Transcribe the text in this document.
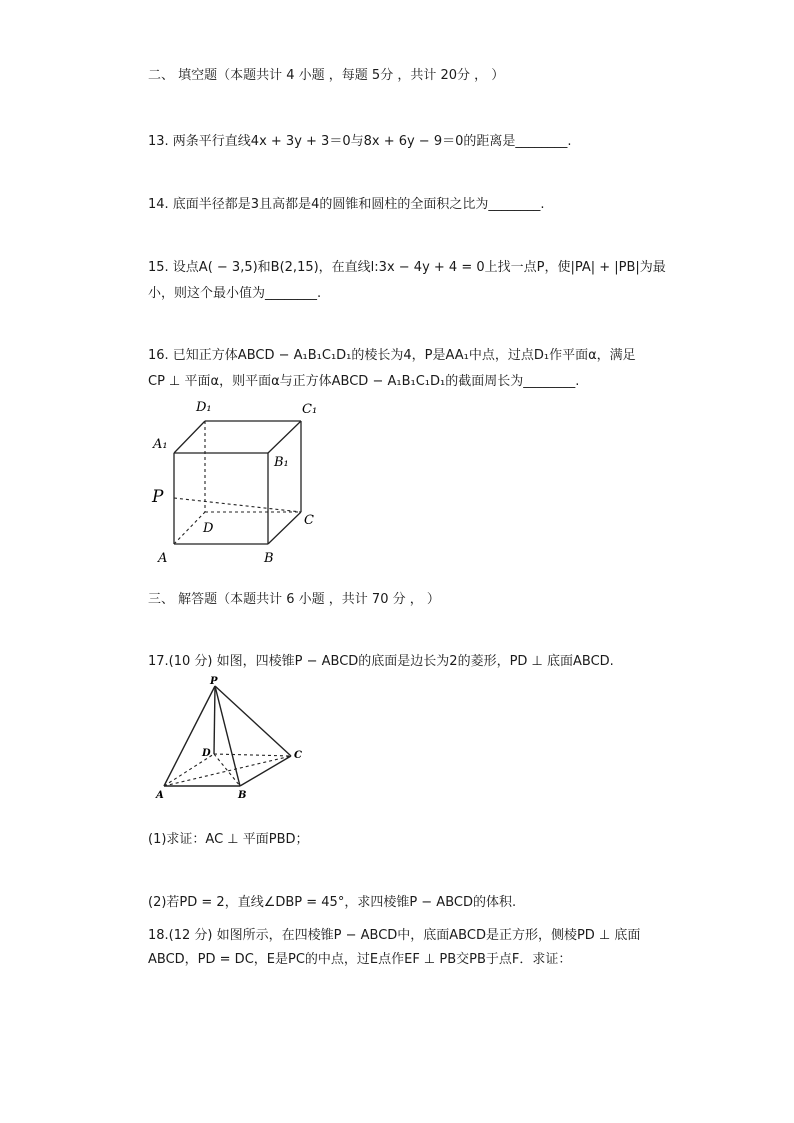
二、 填空题（本题共计 4 小题 ，每题 5分 ，共计 20分 ， ）
13. 两条平行直线4x + 3y + 3＝0与8x + 6y − 9＝0的距离是________.
14. 底面半径都是3且高都是4的圆锥和圆柱的全面积之比为________.
15. 设点A( − 3,5)和B(2,15)，在直线l:3x − 4y + 4 = 0上找一点P，使|PA| + |PB|为最
小，则这个最小值为________.
16. 已知正方体ABCD − A₁B₁C₁D₁的棱长为4，P是AA₁中点，过点D₁作平面α，满足
CP ⊥ 平面α，则平面α与正方体ABCD − A₁B₁C₁D₁的截面周长为________.
D₁	C₁
A₁
B₁
P
D
C
A	B
三、 解答题（本题共计 6 小题 ，共计 70 分 ， ）
17.(10 分) 如图，四棱锥P − ABCD的底面是边长为2的菱形，PD ⊥ 底面ABCD.
P
D	C
A	B
(1)求证：AC ⊥ 平面PBD；
(2)若PD = 2，直线∠DBP = 45°，求四棱锥P − ABCD的体积.
18.(12 分) 如图所示，在四棱锥P − ABCD中，底面ABCD是正方形，侧棱PD ⊥ 底面
ABCD，PD = DC，E是PC的中点，过E点作EF ⊥ PB交PB于点F．求证：
